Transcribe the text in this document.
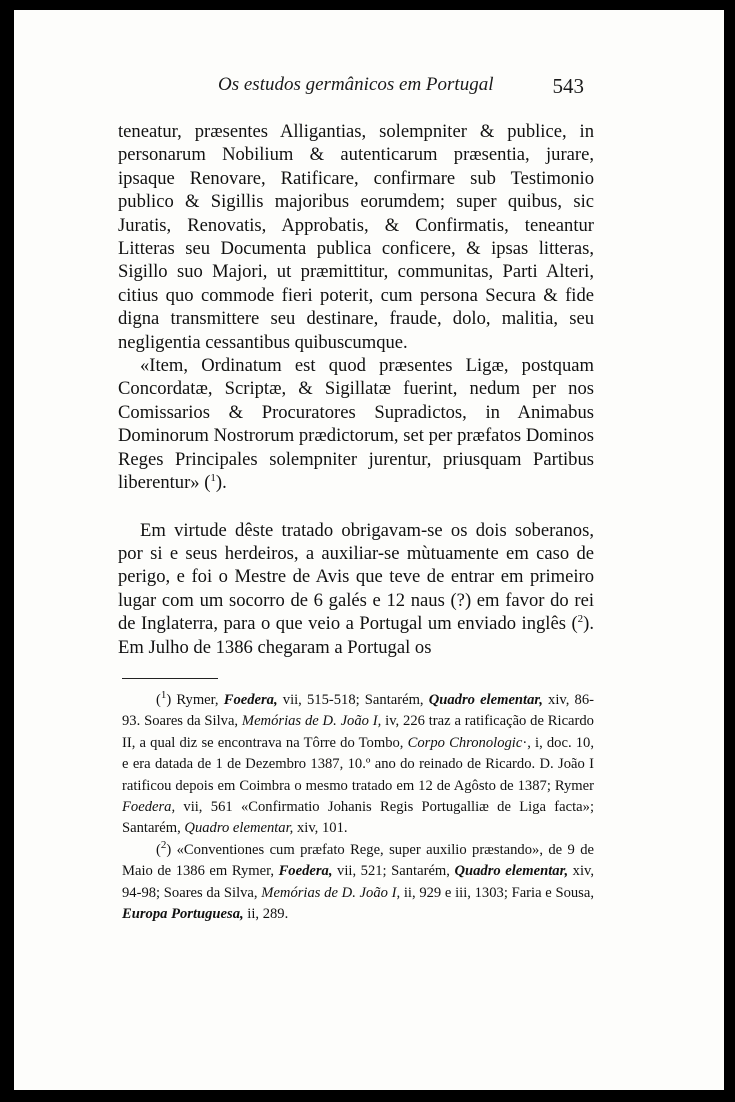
Os estudos germânicos em Portugal	543

teneatur, præsentes Alligantias, solempniter & publice, in personarum Nobilium & autenticarum præsentia, jurare, ipsaque Renovare, Ratificare, confirmare sub Testimonio publico & Sigillis majoribus eorumdem; super quibus, sic Juratis, Renovatis, Approbatis, & Confirmatis, teneantur Litteras seu Documenta publica conficere, & ipsas litteras, Sigillo suo Majori, ut præmittitur, communitas, Parti Alteri, citius quo commode fieri poterit, cum persona Secura & fide digna transmittere seu destinare, fraude, dolo, malitia, seu negligentia cessantibus quibuscumque.

«Item, Ordinatum est quod præsentes Ligæ, postquam Concordatæ, Scriptæ, & Sigillatæ fuerint, nedum per nos Comissarios & Procuratores Supradictos, in Animabus Dominorum Nostrorum prædictorum, set per præfatos Dominos Reges Principales solempniter jurentur, priusquam Partibus liberentur» ($^1$).

Em virtude dêste tratado obrigavam-se os dois soberanos, por si e seus herdeiros, a auxiliar-se mùtuamente em caso de perigo, e foi o Mestre de Avis que teve de entrar em primeiro lugar com um socorro de 6 galés e 12 naus (?) em favor do rei de Inglaterra, para o que veio a Portugal um enviado inglês ($^2$). Em Julho de 1386 chegaram a Portugal os

($^1$) Rymer, Foedera, vii, 515-518; Santarém, Quadro elementar, xiv, 86-93. Soares da Silva, Memórias de D. João I, iv, 226 traz a ratificação de Ricardo II, a qual diz se encontrava na Tôrre do Tombo, Corpo Chronologic·, i, doc. 10, e era datada de 1 de Dezembro 1387, 10.º ano do reinado de Ricardo. D. João I ratificou depois em Coimbra o mesmo tratado em 12 de Agôsto de 1387; Rymer Foedera, vii, 561 «Confirmatio Johanis Regis Portugalliæ de Liga facta»; Santarém, Quadro elementar, xiv, 101.

($^2$) «Conventiones cum præfato Rege, super auxilio præstando», de 9 de Maio de 1386 em Rymer, Foedera, vii, 521; Santarém, Quadro elementar, xiv, 94-98; Soares da Silva, Memórias de D. João I, ii, 929 e iii, 1303; Faria e Sousa, Europa Portuguesa, ii, 289.
